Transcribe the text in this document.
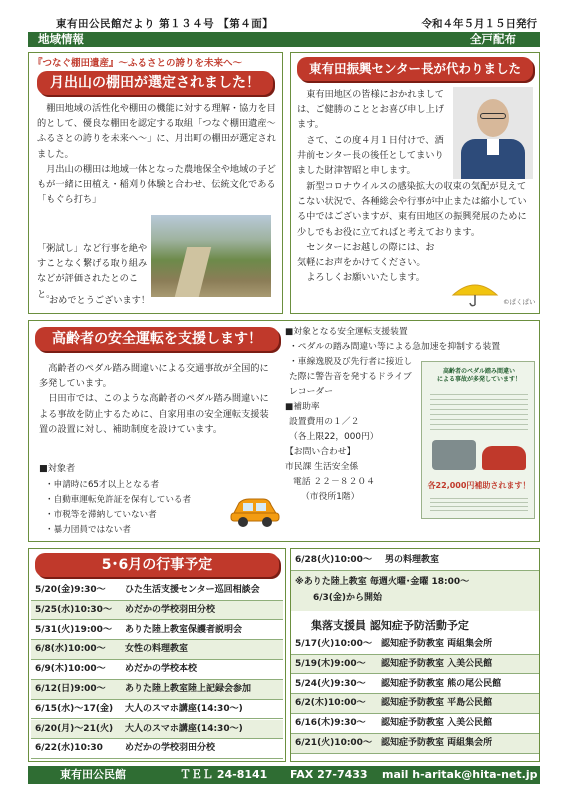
東有田公民館だより 第１３４号 【第４面】	令和４年５月１５日発行
地域情報	全戸配布
『つなぐ棚田遺産』～ふるさとの誇りを未来へ～
月出山の棚田が選定されました！

棚田地域の活性化や棚田の機能に対する理解・協力を目的として、優良な棚田を認定する取組「つなぐ棚田遺産～ふるさとの誇りを未来へ～」に、月出町の棚田が選定されました。

月出山の棚田は地域一体となった農地保全や地域の子どもが一緒に田植え・稲刈り体験と合わせ、伝統文化である「もぐら打ち」

「粥試し」など行事を絶やすことなく繋げる取り組みなどが評価されたとのこと。
おめでとうございます！
東有田振興センター長が代わりました

東有田地区の皆様におかれましては、ご健勝のこととお喜び申し上げます。

さて、この度４月１日付けで、酒井前センター長の後任としてまいりました財津智昭と申します。

新型コロナウイルスの感染拡大の収束の気配が見えてこない状況で、各種総会や行事が中止または縮小している中ではございますが、東有田地区の振興発展のために少しでもお役に立てればと考えております。

センターにお越しの際には、お気軽にお声をかけてください。

よろしくお願いいたします。

©ぱくぱい
高齢者の安全運転を支援します！

高齢者のペダル踏み間違いによる交通事故が全国的に多発しています。

日田市では、このような高齢者のペダル踏み間違いによる事故を防止するために、自家用車の安全運転支援装置の設置に対し、補助制度を設けています。

■対象者
・申請時に65才以上となる者
・自動車運転免許証を保有している者
・市税等を滞納していない者
・暴力団員ではない者
■対象となる安全運転支援装置
・ペダルの踏み間違い等による急加速を抑制する装置
・車線逸脱及び先行者に接近した際に警告音を発するドライブレコーダー
■補助率
設置費用の１／２
（各上限22，000円）
【お問い合わせ】
市民課 生活安全係
電話 ２２－８２０４
（市役所1階）
高齢者のペダル踏み間違い
による事故が多発しています！
各22,000円補助されます！
5･6月の行事予定
5/20(金)9:30～ ひた生活支援センター巡回相談会
5/25(水)10:30～ めだかの学校羽田分校
5/31(火)19:00～ ありた陸上教室保護者説明会
6/8(水)10:00～ 女性の料理教室
6/9(木)10:00～ めだかの学校本校
6/12(日)9:00～ ありた陸上教室陸上記録会参加
6/15(水)～17(金) 大人のスマホ講座(14:30～)
6/20(月)～21(火) 大人のスマホ講座(14:30～)
6/22(水)10:30 めだかの学校羽田分校
6/28(火)10:00～ 男の料理教室
※ありた陸上教室 毎週火曜･金曜 18:00～
6/3(金)から開始
集落支援員 認知症予防活動予定
5/17(火)10:00～ 認知症予防教室 両組集会所
5/19(木)9:00～ 認知症予防教室 入美公民館
5/24(火)9:30～ 認知症予防教室 熊の尾公民館
6/2(木)10:00～ 認知症予防教室 平島公民館
6/16(木)9:30～ 認知症予防教室 入美公民館
6/21(火)10:00～ 認知症予防教室 両組集会所
東有田公民館	ＴＥＬ 24-8141 FAX 27-7433 mail h-aritak@hita-net.jp
